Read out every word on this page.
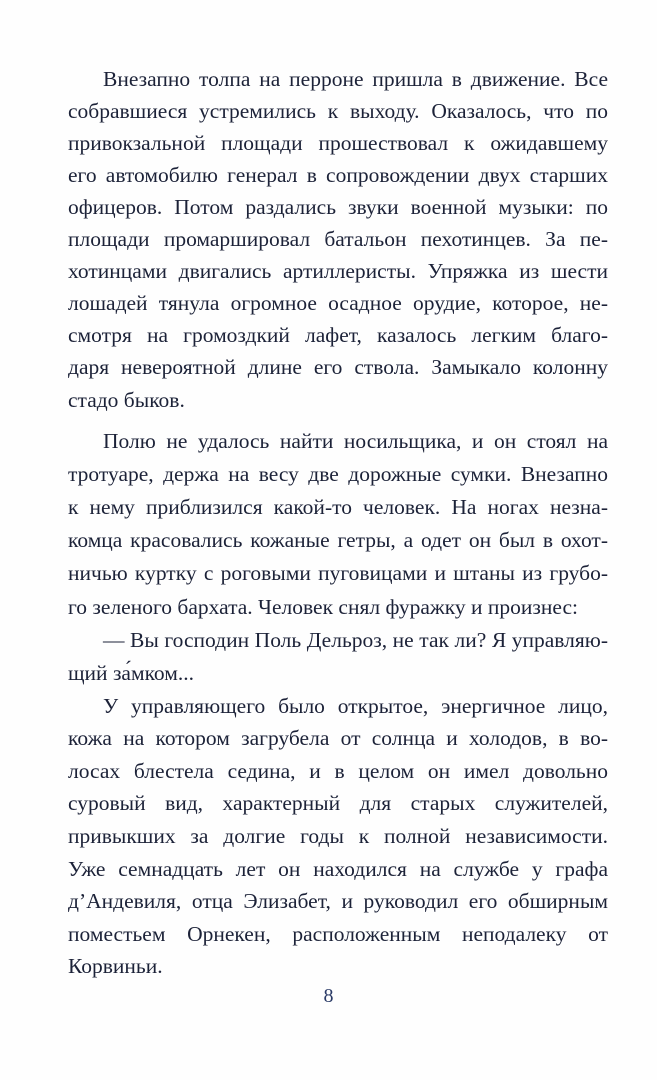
8
Внезапно толпа на перроне пришла в движение. Все
собравшиеся устремились к выходу. Оказалось, что по
привокзальной площади прошествовал к ожидавшему
его автомобилю генерал в сопровождении двух старших
офицеров. Потом раздались звуки военной музыки: по
площади промаршировал батальон пехотинцев. За пе-
хотинцами двигались артиллеристы. Упряжка из шести
лошадей тянула огромное осадное орудие, которое, не-
смотря на громоздкий лафет, казалось легким благо-
даря невероятной длине его ствола. Замыкало колонну
стадо быков.
Полю не удалось найти носильщика, и он стоял на
тротуаре, держа на весу две дорожные сумки. Внезапно
к нему приблизился какой-то человек. На ногах незна-
комца красовались кожаные гетры, а одет он был в охот-
ничью куртку с роговыми пуговицами и штаны из грубо-
го зеленого бархата. Человек снял фуражку и произнес:
— Вы господин Поль Дельроз, не так ли? Я управляю-
щий за́мком...
У управляющего было открытое, энергичное лицо,
кожа на котором загрубела от солнца и холодов, в во-
лосах блестела седина, и в целом он имел довольно
суровый вид, характерный для старых служителей,
привыкших за долгие годы к полной независимости.
Уже семнадцать лет он находился на службе у графа
д’Андевиля, отца Элизабет, и руководил его обширным
поместьем Орнекен, расположенным неподалеку от
Корвиньи.
